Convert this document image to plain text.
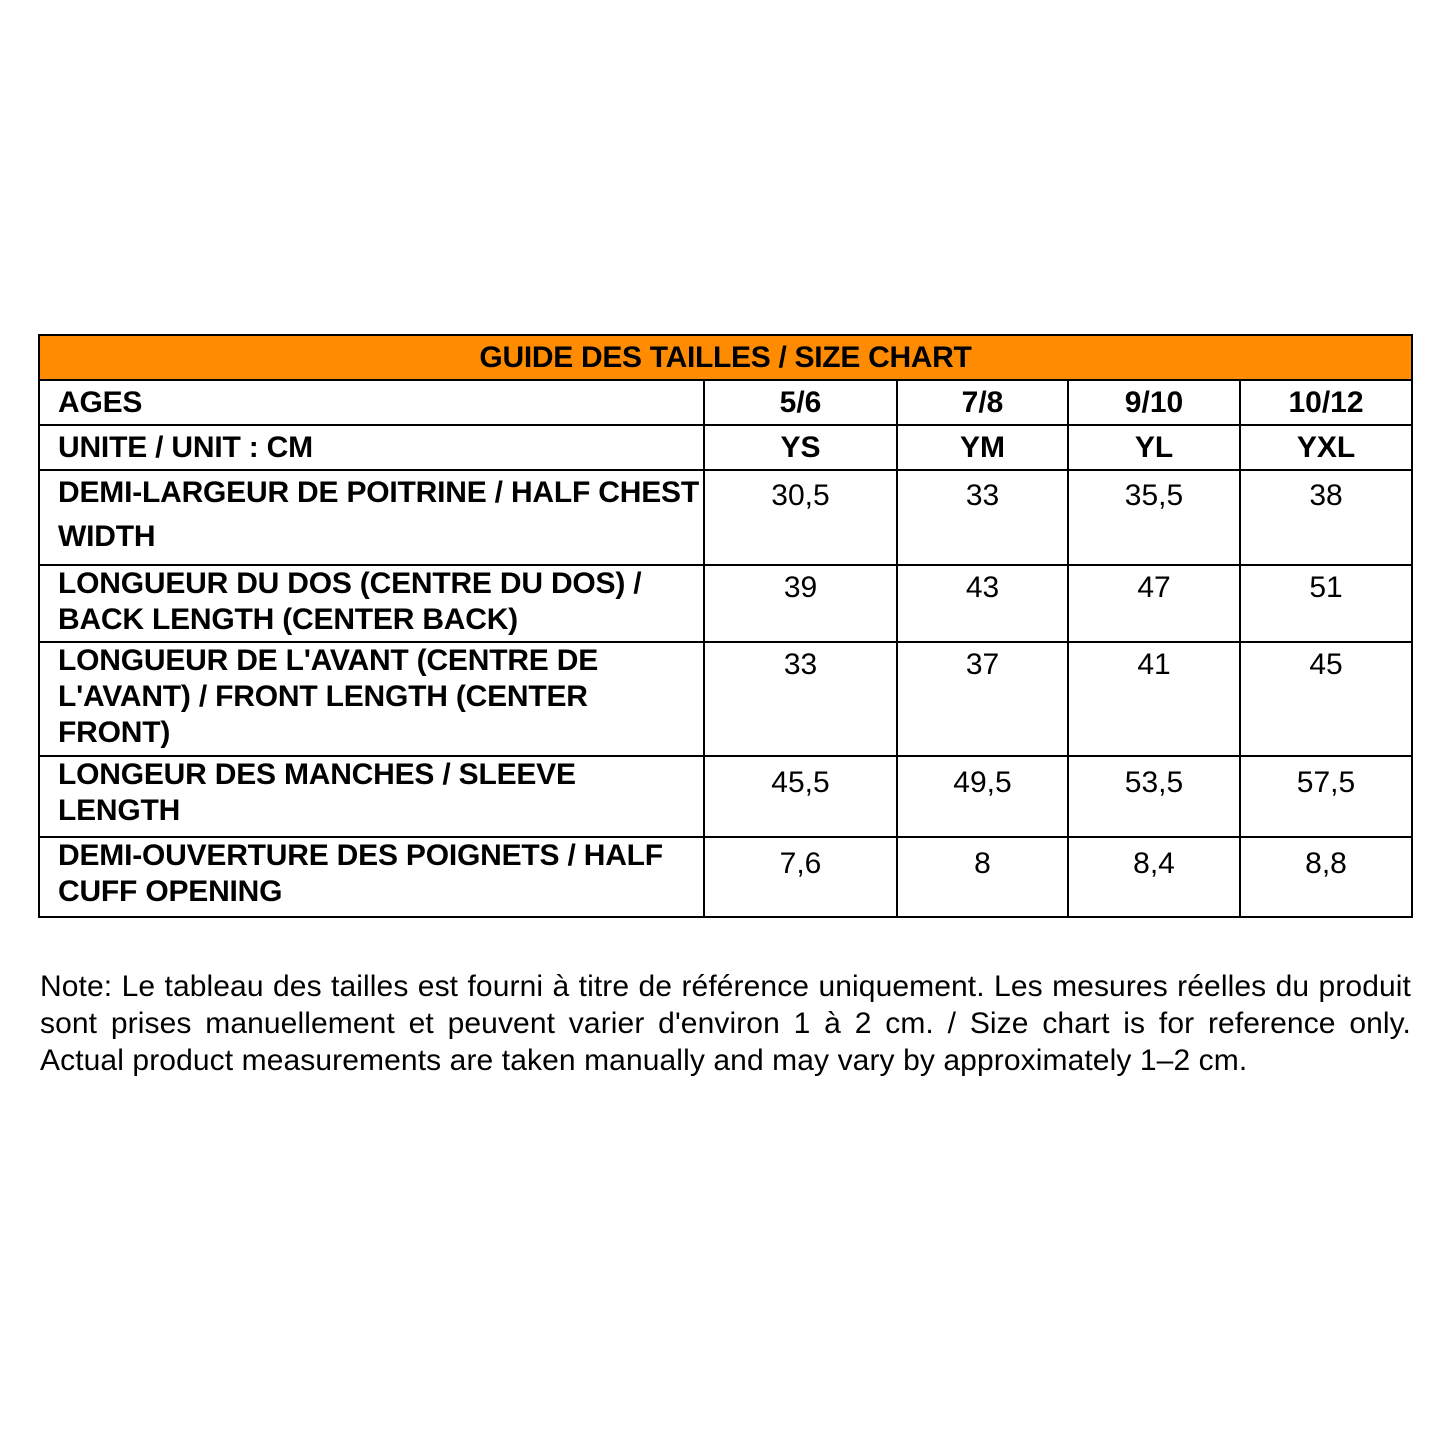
GUIDE DES TAILLES / SIZE CHART				
AGES	5/6	7/8	9/10	10/12
UNITE / UNIT : CM	YS	YM	YL	YXL
DEMI-LARGEUR DE POITRINE / HALF CHEST WIDTH	30,5	33	35,5	38
LONGUEUR DU DOS (CENTRE DU DOS) / BACK LENGTH (CENTER BACK)	39	43	47	51
LONGUEUR DE L'AVANT (CENTRE DE L'AVANT) / FRONT LENGTH (CENTER FRONT)	33	37	41	45
LONGEUR DES MANCHES / SLEEVE LENGTH	45,5	49,5	53,5	57,5
DEMI-OUVERTURE DES POIGNETS / HALF CUFF OPENING	7,6	8	8,4	8,8

Note: Le tableau des tailles est fourni à titre de référence uniquement. Les mesures réelles du produit sont prises manuellement et peuvent varier d'environ 1 à 2 cm. / Size chart is for reference only. Actual product measurements are taken manually and may vary by approximately 1–2 cm.
